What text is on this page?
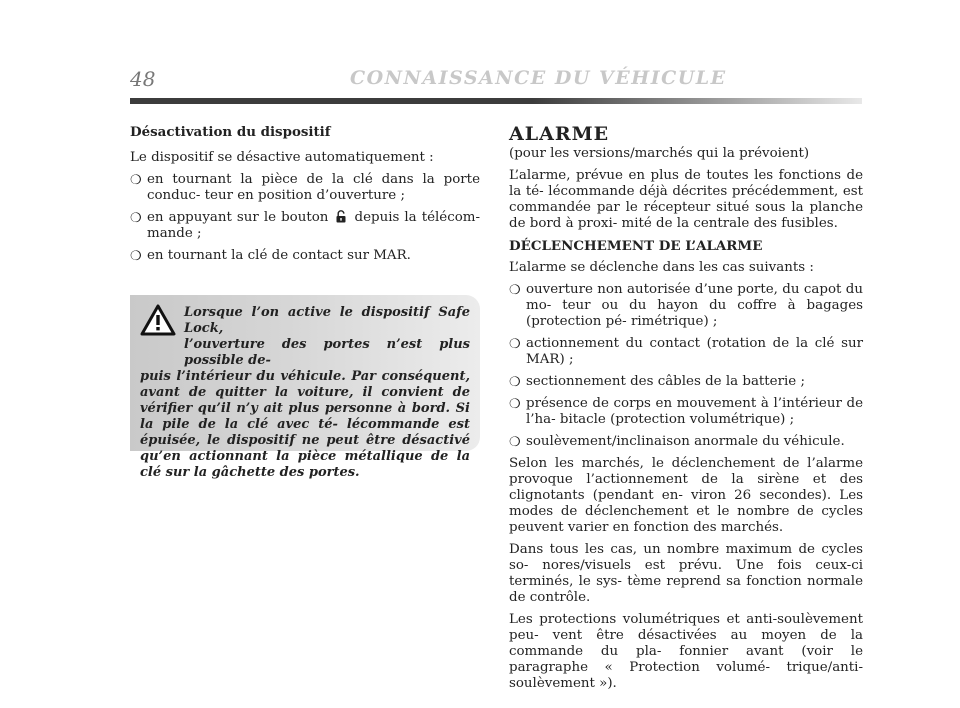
48	CONNAISSANCE DU VÉHICULE

Désactivation du dispositif

Le dispositif se désactive automatiquement :

❍ en tournant la pièce de la clé dans la porte conduc- teur en position d’ouverture ;
❍ en appuyant sur le bouton depuis la télécom- mande ;
❍ en tournant la clé de contact sur MAR.

Lorsque l’on active le dispositif Safe Lock,
l’ouverture des portes n’est plus possible de-
puis l’intérieur du véhicule. Par conséquent, avant de quitter la voiture, il convient de vérifier qu’il n’y ait plus personne à bord. Si la pile de la clé avec té- lécommande est épuisée, le dispositif ne peut être désactivé qu’en actionnant la pièce métallique de la clé sur la gâchette des portes.

ALARME

(pour les versions/marchés qui la prévoient)

L’alarme, prévue en plus de toutes les fonctions de la té- lécommande déjà décrites précédemment, est commandée par le récepteur situé sous la planche de bord à proxi- mité de la centrale des fusibles.

DÉCLENCHEMENT DE L’ALARME

L’alarme se déclenche dans les cas suivants :

❍ ouverture non autorisée d’une porte, du capot du mo- teur ou du hayon du coffre à bagages (protection pé- rimétrique) ;
❍ actionnement du contact (rotation de la clé sur MAR) ;
❍ sectionnement des câbles de la batterie ;
❍ présence de corps en mouvement à l’intérieur de l’ha- bitacle (protection volumétrique) ;
❍ soulèvement/inclinaison anormale du véhicule.

Selon les marchés, le déclenchement de l’alarme provoque l’actionnement de la sirène et des clignotants (pendant en- viron 26 secondes). Les modes de déclenchement et le nombre de cycles peuvent varier en fonction des marchés.

Dans tous les cas, un nombre maximum de cycles so- nores/visuels est prévu. Une fois ceux-ci terminés, le sys- tème reprend sa fonction normale de contrôle.

Les protections volumétriques et anti-soulèvement peu- vent être désactivées au moyen de la commande du pla- fonnier avant (voir le paragraphe « Protection volumé- trique/anti-soulèvement »).
